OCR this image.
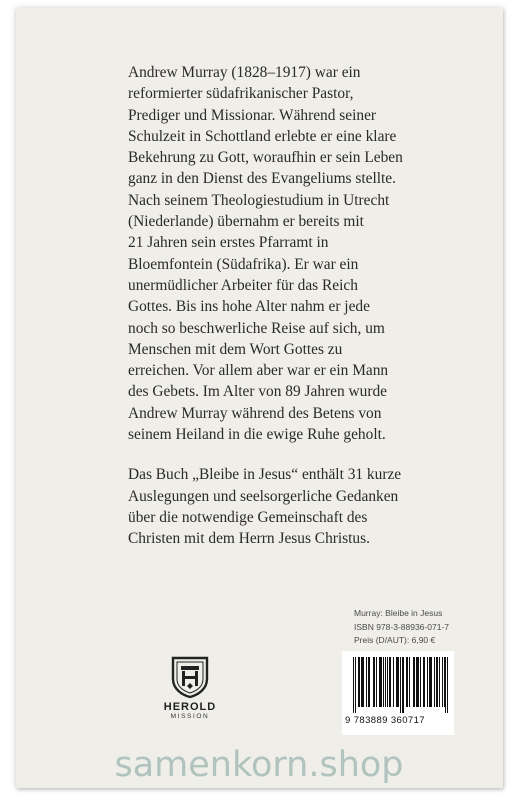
Andrew Murray (1828–1917) war ein
reformierter südafrikanischer Pastor,
Prediger und Missionar. Während seiner
Schulzeit in Schottland erlebte er eine klare
Bekehrung zu Gott, woraufhin er sein Leben
ganz in den Dienst des Evangeliums stellte.
Nach seinem Theologiestudium in Utrecht
(Niederlande) übernahm er bereits mit
21 Jahren sein erstes Pfarramt in
Bloemfontein (Südafrika). Er war ein
unermüdlicher Arbeiter für das Reich
Gottes. Bis ins hohe Alter nahm er jede
noch so beschwerliche Reise auf sich, um
Menschen mit dem Wort Gottes zu
erreichen. Vor allem aber war er ein Mann
des Gebets. Im Alter von 89 Jahren wurde
Andrew Murray während des Betens von
seinem Heiland in die ewige Ruhe geholt.

Das Buch „Bleibe in Jesus“ enthält 31 kurze
Auslegungen und seelsorgerliche Gedanken
über die notwendige Gemeinschaft des
Christen mit dem Herrn Jesus Christus.

Murray: Bleibe in Jesus
ISBN 978-3-88936-071-7
Preis (D/AUT): 6,90 €
9 783889 360717
HEROLD
MISSION
samenkorn.shop
